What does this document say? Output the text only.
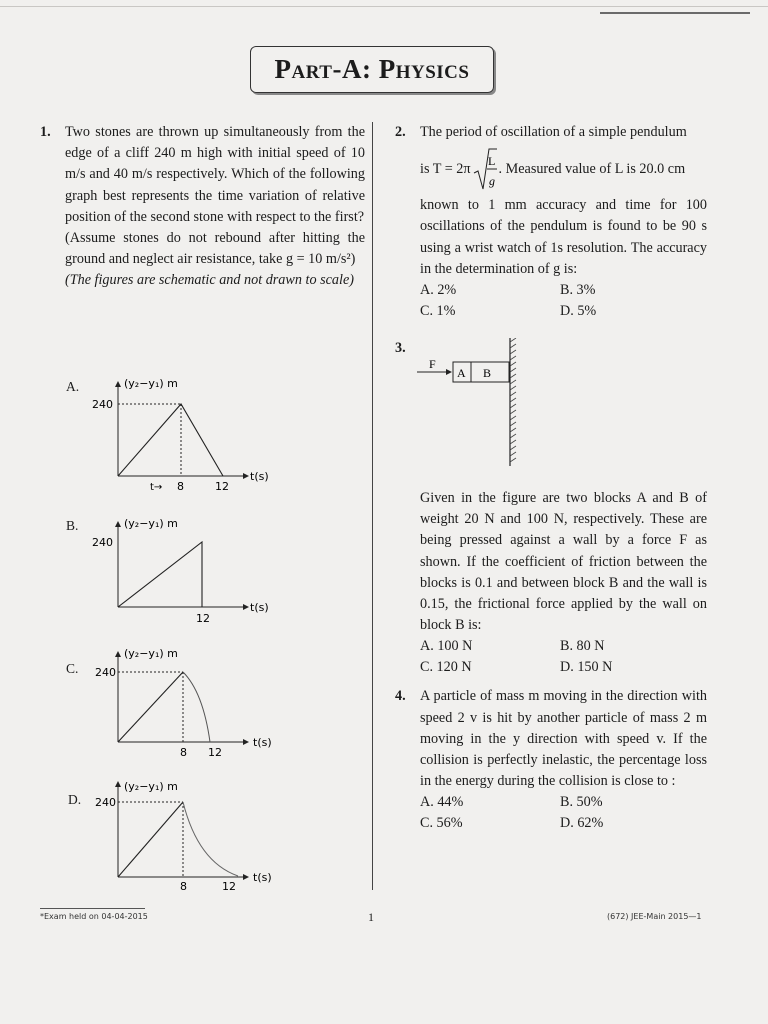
Part-A: Physics
1. Two stones are thrown up simultaneously from the edge of a cliff 240 m high with initial speed of 10 m/s and 40 m/s respectively. Which of the following graph best represents the time variation of relative position of the second stone with respect to the first?
(Assume stones do not rebound after hitting the ground and neglect air resistance, take g = 10 m/s²)
(The figures are schematic and not drawn to scale)
A.	(y₂−y₁) m
240
t→ 8	12
t(s)
B.	(y₂−y₁) m
240
12
t(s)
C.
(y₂−y₁) m
240
8 12
t(s)
D.
(y₂−y₁) m
240
8	12
t(s)
2. The period of oscillation of a simple pendulum
is T = 2π L
g
. Measured value of L is 20.0 cm
known to 1 mm accuracy and time for 100 oscillations of the pendulum is found to be 90 s using a wrist watch of 1s resolution. The accuracy in the determination of g is:
A. 2%	B. 3%
C. 1%	D. 5%
3.
F
A B
Given in the figure are two blocks A and B of weight 20 N and 100 N, respectively. These are being pressed against a wall by a force F as shown. If the coefficient of friction between the blocks is 0.1 and between block B and the wall is 0.15, the frictional force applied by the wall on block B is:
A. 100 N	B. 80 N
C. 120 N	D. 150 N
4. A particle of mass m moving in the direction with speed 2 v is hit by another particle of mass 2 m moving in the y direction with speed v. If the collision is perfectly inelastic, the percentage loss in the energy during the collision is close to :
A. 44%	B. 50%
C. 56%	D. 62%
*Exam held on 04-04-2015	1	(672) JEE-Main 2015—1
